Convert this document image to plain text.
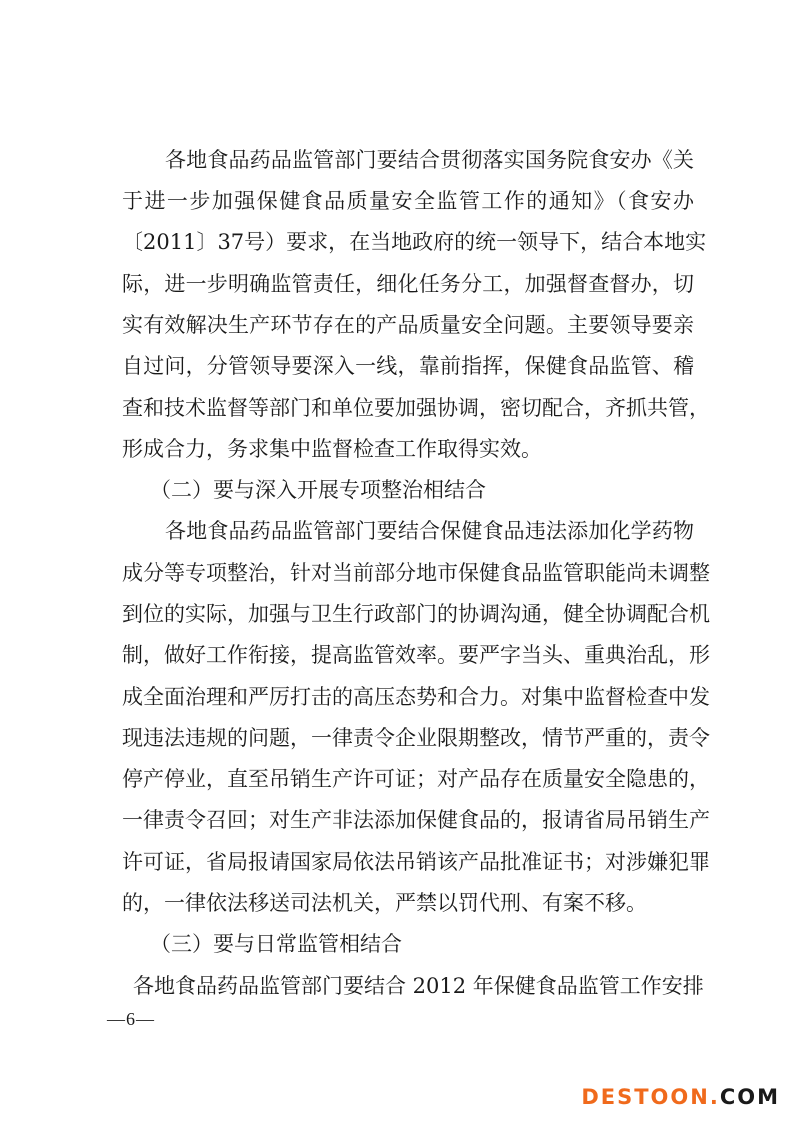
各地食品药品监管部门要结合贯彻落实国务院食安办《关
于进一步加强保健食品质量安全监管工作的通知》（食安办
〔2011〕37号）要求，在当地政府的统一领导下，结合本地实
际，进一步明确监管责任，细化任务分工，加强督查督办，切
实有效解决生产环节存在的产品质量安全问题。主要领导要亲
自过问，分管领导要深入一线，靠前指挥，保健食品监管、稽
查和技术监督等部门和单位要加强协调，密切配合，齐抓共管，
形成合力，务求集中监督检查工作取得实效。
（二）要与深入开展专项整治相结合
各地食品药品监管部门要结合保健食品违法添加化学药物
成分等专项整治，针对当前部分地市保健食品监管职能尚未调整
到位的实际，加强与卫生行政部门的协调沟通，健全协调配合机
制，做好工作衔接，提高监管效率。要严字当头、重典治乱，形
成全面治理和严厉打击的高压态势和合力。对集中监督检查中发
现违法违规的问题，一律责令企业限期整改，情节严重的，责令
停产停业，直至吊销生产许可证；对产品存在质量安全隐患的，
一律责令召回；对生产非法添加保健食品的，报请省局吊销生产
许可证，省局报请国家局依法吊销该产品批准证书；对涉嫌犯罪
的，一律依法移送司法机关，严禁以罚代刑、有案不移。
（三）要与日常监管相结合
各地食品药品监管部门要结合 2012 年保健食品监管工作安排
—6—
DESTOON.COM
